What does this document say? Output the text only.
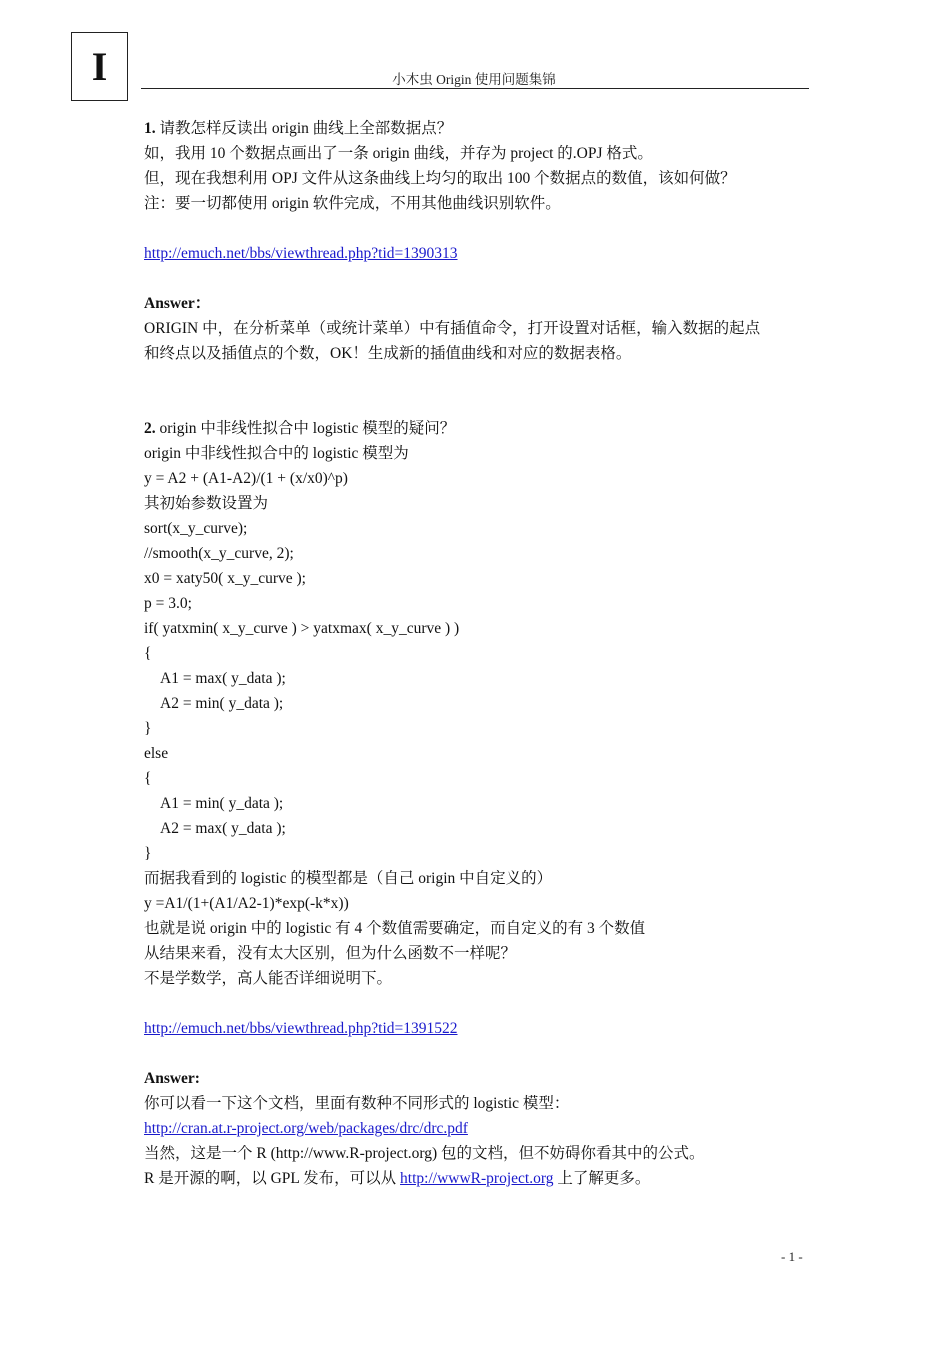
I	小木虫 Origin 使用问题集锦
1. 请教怎样反读出 origin 曲线上全部数据点？
如，我用 10 个数据点画出了一条 origin 曲线，并存为 project 的.OPJ 格式。
但，现在我想利用 OPJ 文件从这条曲线上均匀的取出 100 个数据点的数值，该如何做？
注：要一切都使用 origin 软件完成，不用其他曲线识别软件。
http://emuch.net/bbs/viewthread.php?tid=1390313
Answer：
ORIGIN 中，在分析菜单（或统计菜单）中有插值命令，打开设置对话框，输入数据的起点
和终点以及插值点的个数，OK！生成新的插值曲线和对应的数据表格。
2. origin 中非线性拟合中 logistic 模型的疑问？
origin 中非线性拟合中的 logistic 模型为
y = A2 + (A1-A2)/(1 + (x/x0)^p)
其初始参数设置为
sort(x_y_curve);
//smooth(x_y_curve, 2);
x0 = xaty50( x_y_curve );
p = 3.0;
if( yatxmin( x_y_curve ) > yatxmax( x_y_curve ) )
{
A1 = max( y_data );
A2 = min( y_data );
}
else
{
A1 = min( y_data );
A2 = max( y_data );
}
而据我看到的 logistic 的模型都是（自己 origin 中自定义的）
y =A1/(1+(A1/A2-1)*exp(-k*x))
也就是说 origin 中的 logistic 有 4 个数值需要确定，而自定义的有 3 个数值
从结果来看，没有太大区别，但为什么函数不一样呢？
不是学数学，高人能否详细说明下。
http://emuch.net/bbs/viewthread.php?tid=1391522
Answer:
你可以看一下这个文档，里面有数种不同形式的 logistic 模型：
http://cran.at.r-project.org/web/packages/drc/drc.pdf
当然，这是一个 R (http://www.R-project.org) 包的文档，但不妨碍你看其中的公式。
R 是开源的啊，以 GPL 发布，可以从 http://wwwR-project.org 上了解更多。
- 1 -
